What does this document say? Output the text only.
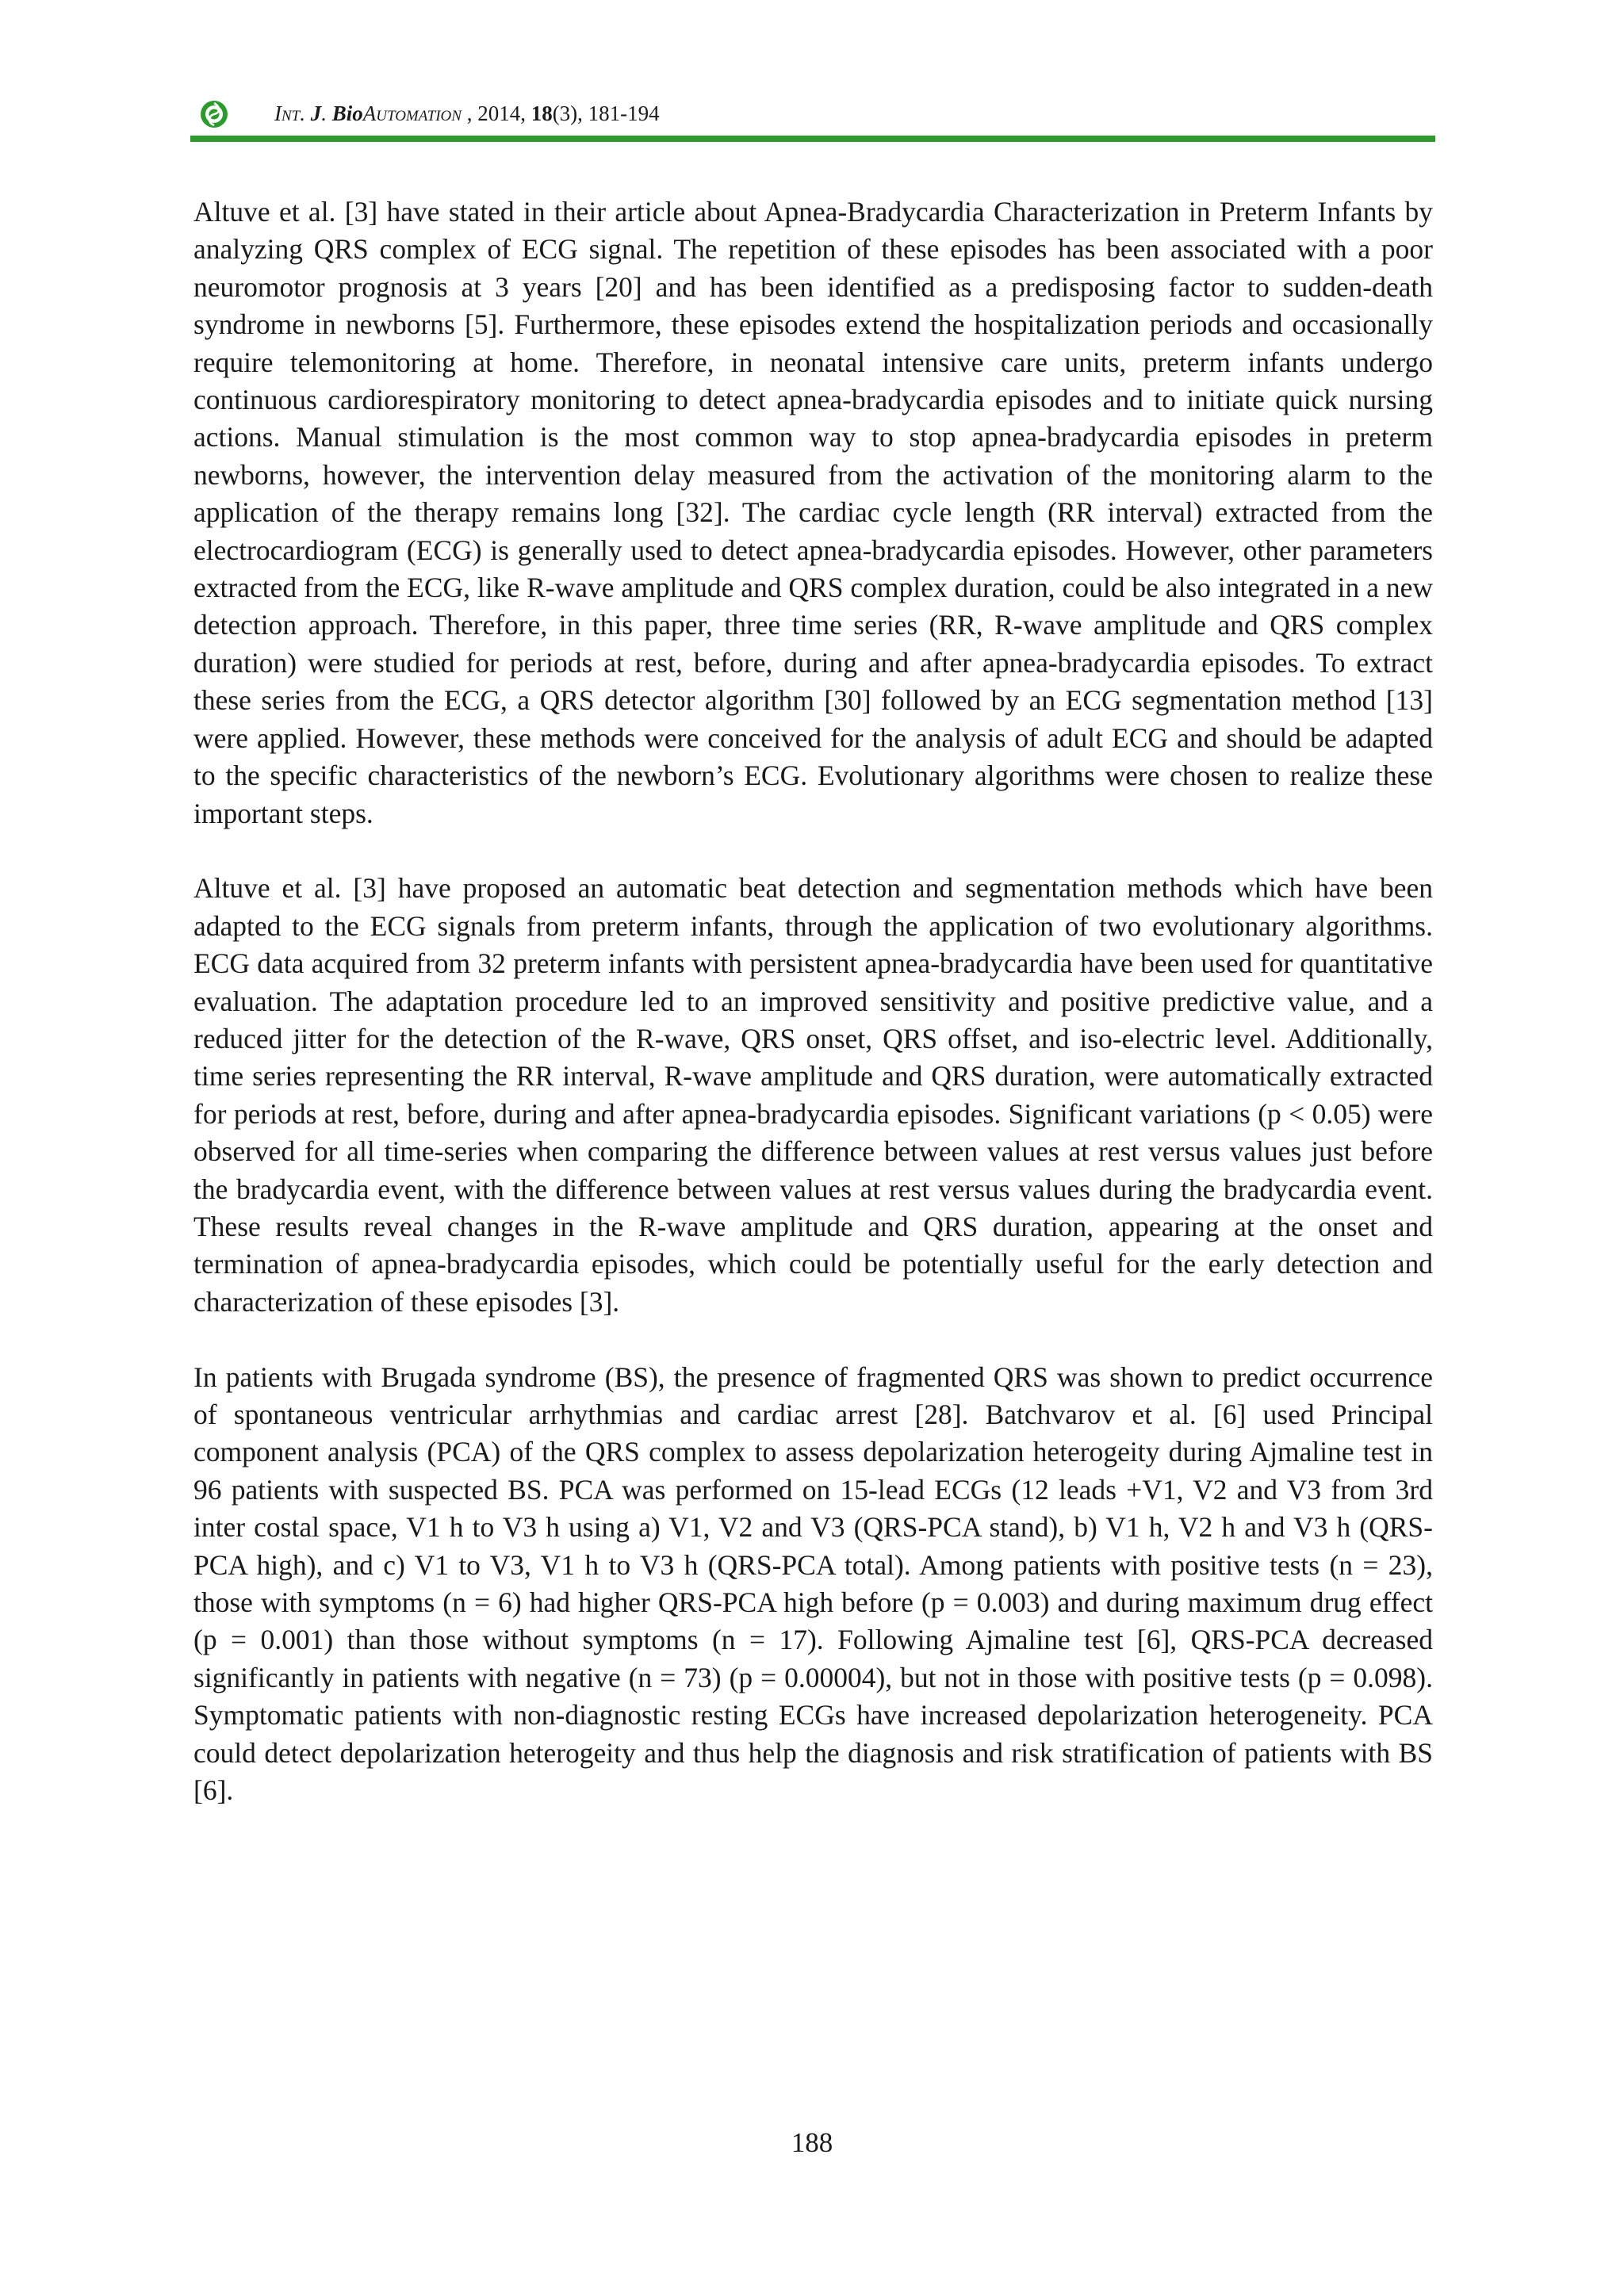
Int. J. BioAutomation , 2014, 18(3), 181-194

Altuve et al. [3] have stated in their article about Apnea-Bradycardia Characterization in Preterm Infants by analyzing QRS complex of ECG signal. The repetition of these episodes has been associated with a poor neuromotor prognosis at 3 years [20] and has been identified as a predisposing factor to sudden-death syndrome in newborns [5]. Furthermore, these episodes extend the hospitalization periods and occasionally require telemonitoring at home. Therefore, in neonatal intensive care units, preterm infants undergo continuous cardiorespiratory monitoring to detect apnea-bradycardia episodes and to initiate quick nursing actions. Manual stimulation is the most common way to stop apnea-bradycardia episodes in preterm newborns, however, the intervention delay measured from the activation of the monitoring alarm to the application of the therapy remains long [32]. The cardiac cycle length (RR interval) extracted from the electrocardiogram (ECG) is generally used to detect apnea-bradycardia episodes. However, other parameters extracted from the ECG, like R-wave amplitude and QRS complex duration, could be also integrated in a new detection approach. Therefore, in this paper, three time series (RR, R-wave amplitude and QRS complex duration) were studied for periods at rest, before, during and after apnea-bradycardia episodes. To extract these series from the ECG, a QRS detector algorithm [30] followed by an ECG segmentation method [13] were applied. However, these methods were conceived for the analysis of adult ECG and should be adapted to the specific characteristics of the newborn’s ECG. Evolutionary algorithms were chosen to realize these important steps.

Altuve et al. [3] have proposed an automatic beat detection and segmentation methods which have been adapted to the ECG signals from preterm infants, through the application of two evolutionary algorithms. ECG data acquired from 32 preterm infants with persistent apnea-bradycardia have been used for quantitative evaluation. The adaptation procedure led to an improved sensitivity and positive predictive value, and a reduced jitter for the detection of the R-wave, QRS onset, QRS offset, and iso-electric level. Additionally, time series representing the RR interval, R-wave amplitude and QRS duration, were automatically extracted for periods at rest, before, during and after apnea-bradycardia episodes. Significant variations (p < 0.05) were observed for all time-series when comparing the difference between values at rest versus values just before the bradycardia event, with the difference between values at rest versus values during the bradycardia event. These results reveal changes in the R-wave amplitude and QRS duration, appearing at the onset and termination of apnea-bradycardia episodes, which could be potentially useful for the early detection and characterization of these episodes [3].

In patients with Brugada syndrome (BS), the presence of fragmented QRS was shown to predict occurrence of spontaneous ventricular arrhythmias and cardiac arrest [28]. Batchvarov et al. [6] used Principal component analysis (PCA) of the QRS complex to assess depolarization heterogeity during Ajmaline test in 96 patients with suspected BS. PCA was performed on 15-lead ECGs (12 leads +V1, V2 and V3 from 3rd inter costal space, V1 h to V3 h using a) V1, V2 and V3 (QRS-PCA stand), b) V1 h, V2 h and V3 h (QRS-PCA high), and c) V1 to V3, V1 h to V3 h (QRS-PCA total). Among patients with positive tests (n = 23), those with symptoms (n = 6) had higher QRS-PCA high before (p = 0.003) and during maximum drug effect (p = 0.001) than those without symptoms (n = 17). Following Ajmaline test [6], QRS-PCA decreased significantly in patients with negative (n = 73) (p = 0.00004), but not in those with positive tests (p = 0.098). Symptomatic patients with non-diagnostic resting ECGs have increased depolarization heterogeneity. PCA could detect depolarization heterogeity and thus help the diagnosis and risk stratification of patients with BS [6].

188
